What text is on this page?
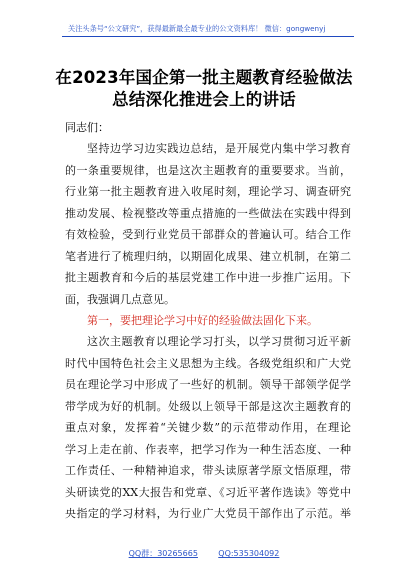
关注头条号“公文研究”，获得最新最全最专业的公文资料库！ 微信：gongwenyj
在2023年国企第一批主题教育经验做法
总结深化推进会上的讲话
同志们：
坚持边学习边实践边总结，是开展党内集中学习教育
的一条重要规律，也是这次主题教育的重要要求。当前，
行业第一批主题教育进入收尾时刻，理论学习、调查研究
推动发展、检视整改等重点措施的一些做法在实践中得到
有效检验，受到行业党员干部群众的普遍认可。结合工作
笔者进行了梳理归纳，以期固化成果、建立机制，在第二
批主题教育和今后的基层党建工作中进一步推广运用。下
面，我强调几点意见。
第一，要把理论学习中好的经验做法固化下来。
这次主题教育以理论学习打头，以学习贯彻习近平新
时代中国特色社会主义思想为主线。各级党组织和广大党
员在理论学习中形成了一些好的机制。领导干部领学促学
带学成为好的机制。处级以上领导干部是这次主题教育的
重点对象，发挥着“关键少数”的示范带动作用，在理论
学习上走在前、作表率，把学习作为一种生活态度、一种
工作责任、一种精神追求，带头读原著学原文悟原理，带
头研读党的XX大报告和党章、《习近平著作选读》等党中
央指定的学习材料，为行业广大党员干部作出了示范。举
QQ群：30265665	QQ:535304092
